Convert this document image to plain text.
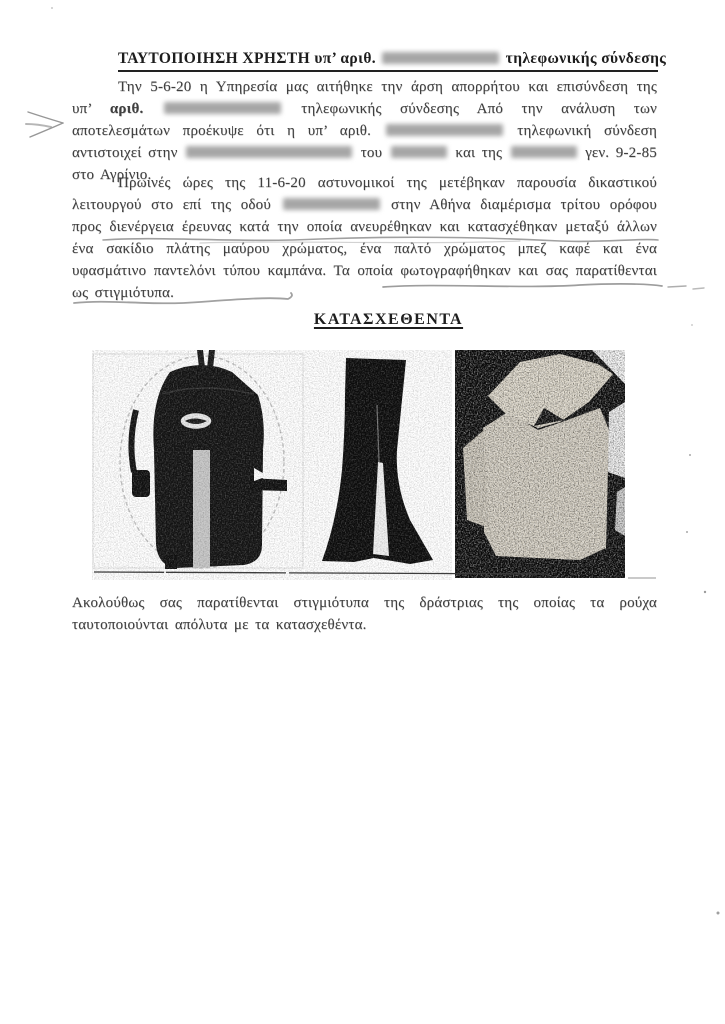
ΤΑΥΤΟΠΟΙΗΣΗ ΧΡΗΣΤΗ υπ’ αριθ.	τηλεφωνικής σύνδεσης

Την 5-6-20 η Υπηρεσία μας αιτήθηκε την άρση απορρήτου και επισύνδεση της υπ’ αριθ.	τηλεφωνικής σύνδεσης Από την ανάλυση των αποτελεσμάτων προέκυψε ότι η υπ’ αριθ.	τηλεφωνική σύνδεση αντιστοιχεί στην	του	και της	γεν. 9-2-85 στο Αγρίνιο.

Πρωινές ώρες της 11-6-20 αστυνομικοί της μετέβηκαν παρουσία δικαστικού λειτουργού στο επί της οδού	στην Αθήνα διαμέρισμα τρίτου ορόφου προς διενέργεια έρευνας κατά την οποία ανευρέθηκαν και κατασχέθηκαν μεταξύ άλλων ένα σακίδιο πλάτης μαύρου χρώματος, ένα παλτό χρώματος μπεζ καφέ και ένα υφασμάτινο παντελόνι τύπου καμπάνα. Τα οποία φωτογραφήθηκαν και σας παρατίθενται ως στιγμιότυπα.

ΚΑΤΑΣΧΕΘΕΝΤΑ

Ακολούθως σας παρατίθενται στιγμιότυπα της δράστριας της οποίας τα ρούχα ταυτοποιούνται απόλυτα με τα κατασχεθέντα.
